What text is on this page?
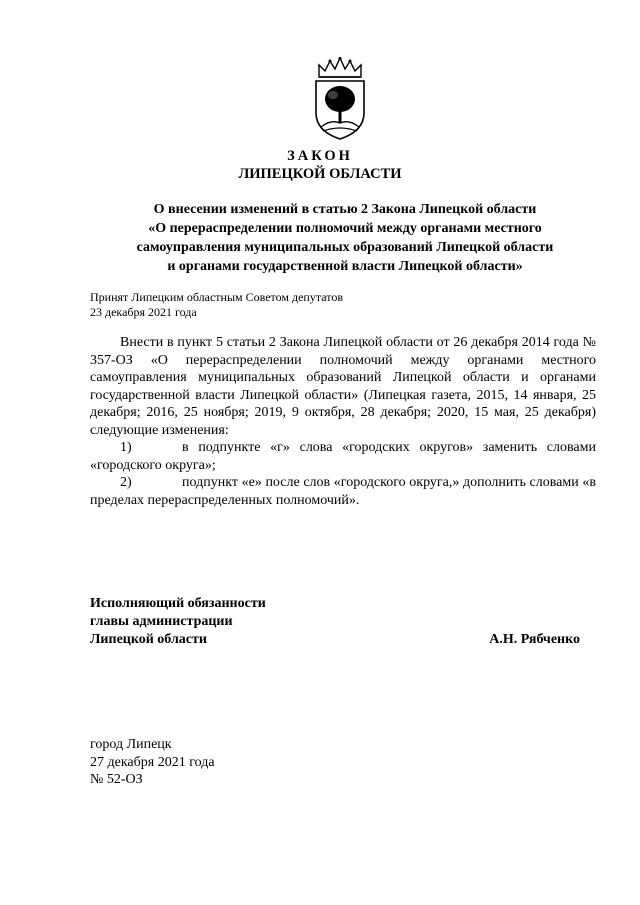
ЗАКОН
ЛИПЕЦКОЙ ОБЛАСТИ
О внесении изменений в статью 2 Закона Липецкой области
«О перераспределении полномочий между органами местного
самоуправления муниципальных образований Липецкой области
и органами государственной власти Липецкой области»
Принят Липецким областным Советом депутатов
23 декабря 2021 года

Внести в пункт 5 статьи 2 Закона Липецкой области от 26 декабря 2014 года № 357-ОЗ «О перераспределении полномочий между органами местного самоуправления муниципальных образований Липецкой области и органами государственной власти Липецкой области» (Липецкая газета, 2015, 14 января, 25 декабря; 2016, 25 ноября; 2019, 9 октября, 28 декабря; 2020, 15 мая, 25 декабря) следующие изменения:

1)	в подпункте «г» слова «городских округов» заменить словами «городского округа»;

2)	подпункт «е» после слов «городского округа,» дополнить словами «в пределах перераспределенных полномочий».

Исполняющий обязанности
главы администрации
Липецкой области	А.Н. Рябченко
город Липецк
27 декабря 2021 года
№ 52-ОЗ
